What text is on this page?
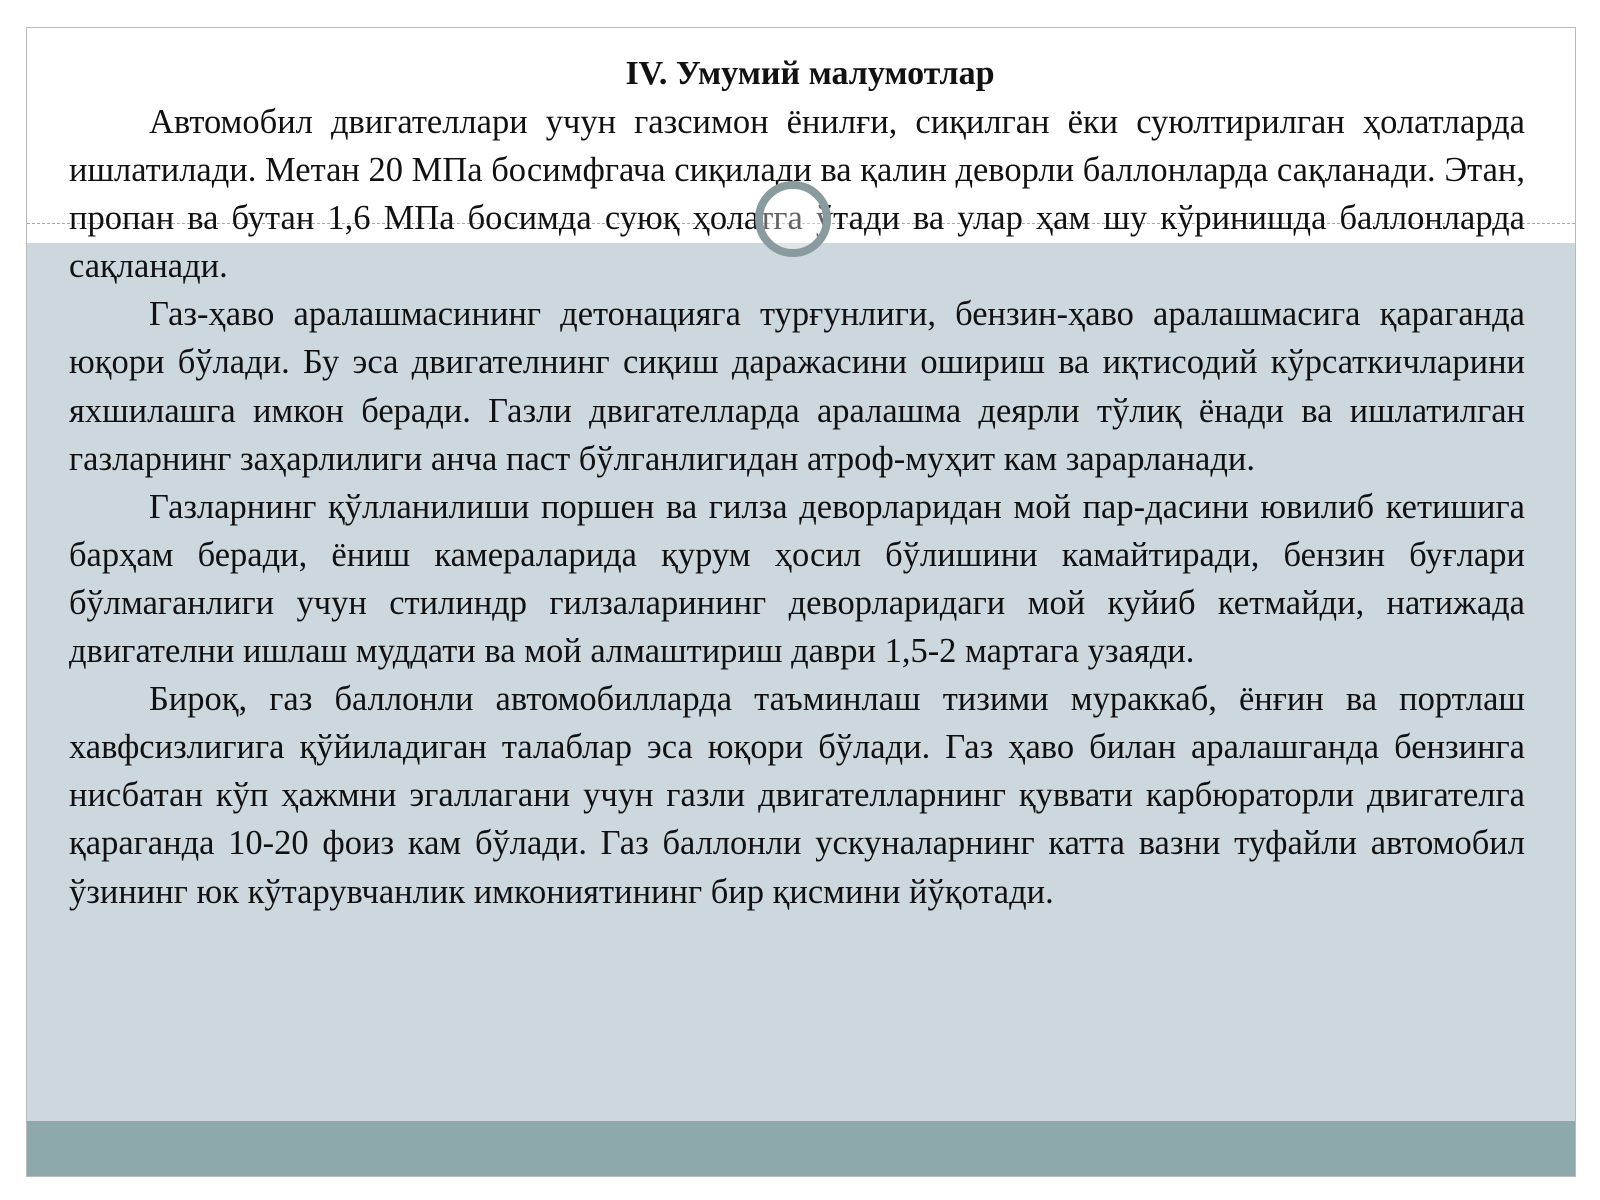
IV. Умумий малумотлар

Автомобил двигателлари учун газсимон ёнилғи, сиқилган ёки суюлтирилган ҳолатларда ишлатилади. Метан 20 МПа босимфгача сиқилади ва қалин деворли баллонларда сақланади. Этан, пропан ва бутан 1,6 МПа босимда суюқ ҳолатга ўтади ва улар ҳам шу кўринишда баллонларда сақланади.

Газ-ҳаво аралашмасининг детонацияга турғунлиги, бензин-ҳаво аралашмасига қараганда юқори бўлади. Бу эса двигателнинг сиқиш даражасини ошириш ва иқтисодий кўрсаткичларини яхшилашга имкон беради. Газли двигателларда аралашма деярли тўлиқ ёнади ва ишлатилган газларнинг заҳарлилиги анча паст бўлганлигидан атроф-муҳит кам зарарланади.

Газларнинг қўлланилиши поршен ва гилза деворларидан мой пар-дасини ювилиб кетишига барҳам беради, ёниш камераларида қурум ҳосил бўлишини камайтиради, бензин буғлари бўлмаганлиги учун стилиндр гилзаларининг деворларидаги мой куйиб кетмайди, натижада двигателни ишлаш муддати ва мой алмаштириш даври 1,5-2 мартага узаяди.

Бироқ, газ баллонли автомобилларда таъминлаш тизими мураккаб, ёнғин ва портлаш хавфсизлигига қўйиладиган талаблар эса юқори бўлади. Газ ҳаво билан аралашганда бензинга нисбатан кўп ҳажмни эгаллагани учун газли двигателларнинг қуввати карбюраторли двигателга қараганда 10-20 фоиз кам бўлади. Газ баллонли ускуналарнинг катта вазни туфайли автомобил ўзининг юк кўтарувчанлик имкониятининг бир қисмини йўқотади.
